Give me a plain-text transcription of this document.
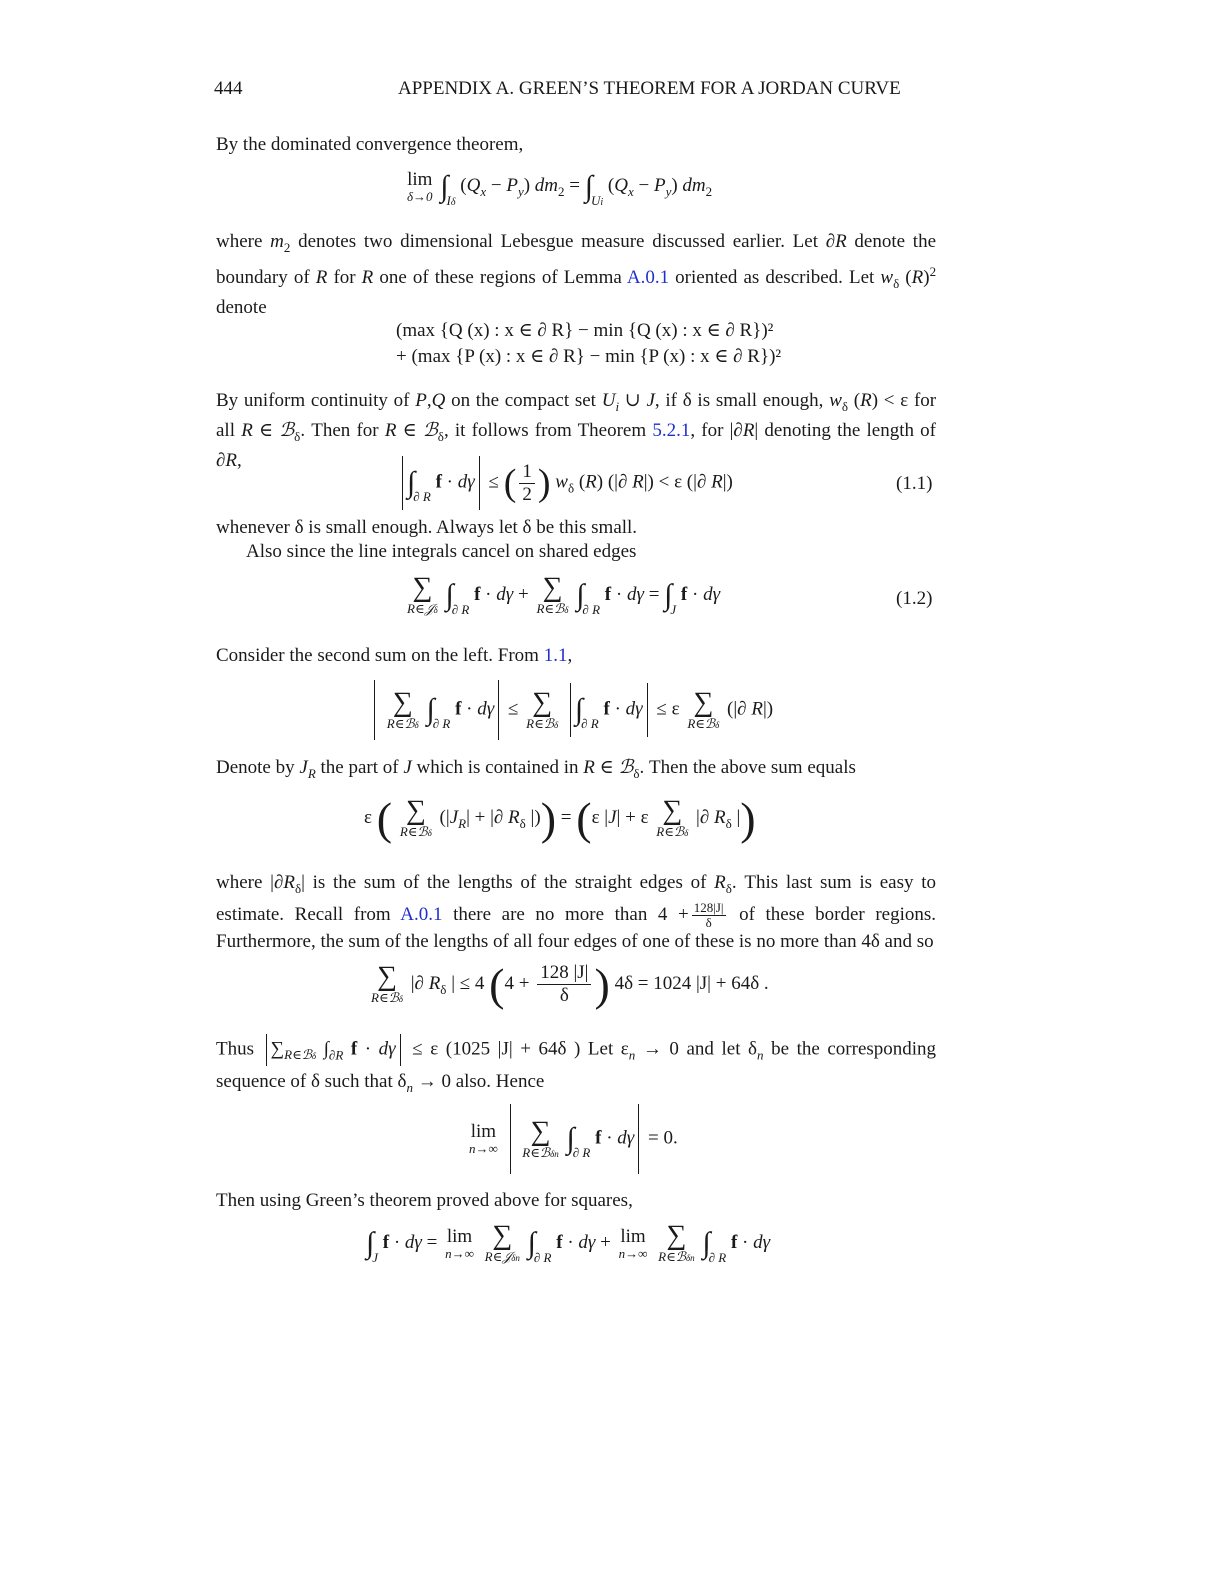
444	APPENDIX A. GREEN’S THEOREM FOR A JORDAN CURVE
By the dominated convergence theorem,
lim
δ→0 $\int_{I\delta}$ $(Q_x - P_y) dm_2 = \int_{Ui}$ $(Q_x - P_y)$ $dm_2$
where $m_2$ denotes two dimensional Lebesgue measure discussed earlier. Let ∂R denote the boundary of R for R one of these regions of Lemma A.0.1 oriented as described. Let $w_\delta$ $(R)^2$ denote
(max {Q (x) : x ∈ ∂ R} − min {Q (x) : x ∈ ∂ R})²
+ (max {P (x) : x ∈ ∂ R} − min {P (x) : x ∈ ∂ R})²
By uniform continuity of P,Q on the compact set $U_i$ ∪ J, if δ is small enough, $w_\delta$ (R) < ε for all R ∈ ℬ$_\delta$. Then for R ∈ ℬ$_\delta$, it follows from Theorem 5.2.1, for |∂R| denoting the length of ∂R,
$\int_{\partial R}$ f · dγ ≤ ( $\frac{1}{2}$ ) $w_\delta$ (R) (|∂ R|) < ε (|∂ R|)	(1.1)
whenever δ is small enough. Always let δ be this small.
Also since the line integrals cancel on shared edges
∑
R∈𝒥δ $\int_{\partial R}$ f · dγ + ∑
R∈ℬδ $\int_{\partial R}$ $f \cdot d\gamma = \int_J$ f · dγ	(1.2)
Consider the second sum on the left. From 1.1,

∑
R∈ℬδ $\int_{\partial R}$ f · dγ ≤ ∑
R∈ℬδ $\int_{\partial R}$ f · dγ ≤ ε ∑
R∈ℬδ
(|∂ R|)
Denote by $J_R$ the part of J which is contained in R ∈ ℬ$_\delta$. Then the above sum equals
ε ( ∑
R∈ℬδ
($|J_R|$ + |∂ $R_\delta$ |)) = (ε |J| + ε ∑
R∈ℬδ
|∂ $R_\delta$ |)
where $|\partial R_\delta|$ is the sum of the lengths of the straight edges of $R_\delta$. This last sum is easy to estimate. Recall from A.0.1 there are no more than $4 + \frac{128|J|}{\delta}$ of these border regions. Furthermore, the sum of the lengths of all four edges of one of these is no more than 4δ and so
∑
R∈ℬδ
|∂ $R_\delta$ | ≤ 4 ($4 + \frac{128 |J|}{\delta}$ ) 4δ = 1024 |J| + 64δ .
Thus $\sum_{R\in ℬ\delta}$ $\int_{\partial R}$ f · dγ ≤ ε (1025 |J| + 64δ ) Let $\varepsilon_n \to 0$ and let $\delta_n$ be the corresponding sequence of δ such that $\delta_n \to 0$ also. Hence
lim
n→∞

∑
R∈ℬδn $\int_{\partial R}$ f · dγ = 0.
Then using Green’s theorem proved above for squares,
$\int_J$ f · dγ = lim
n→∞

∑
R∈𝒥δn $\int_{\partial R}$ f · dγ + lim
n→∞

∑
R∈ℬδn $\int_{\partial R}$ f · dγ
